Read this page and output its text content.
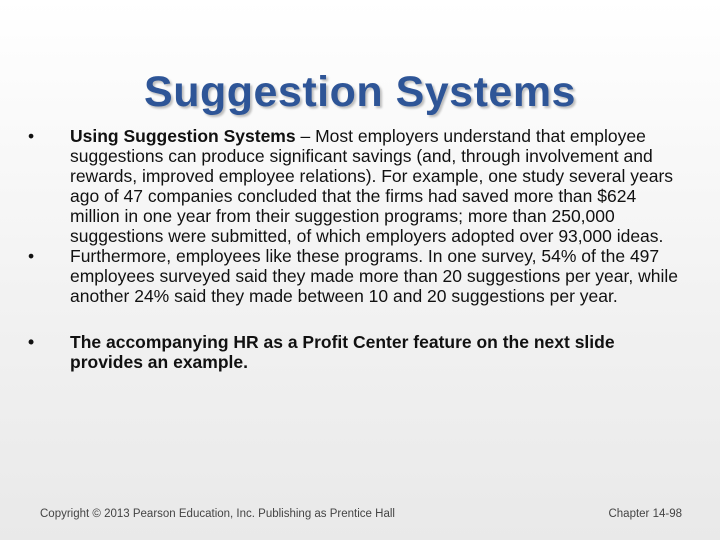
Suggestion Systems

•	Using Suggestion Systems – Most employers understand that employee suggestions can produce significant savings (and, through involvement and rewards, improved employee relations). For example, one study several years ago of 47 companies concluded that the firms had saved more than $624 million in one year from their suggestion programs; more than 250,000 suggestions were submitted, of which employers adopted over 93,000 ideas.

•	Furthermore, employees like these programs. In one survey, 54% of the 497 employees surveyed said they made more than 20 suggestions per year, while another 24% said they made between 10 and 20 suggestions per year.

•	The accompanying HR as a Profit Center feature on the next slide provides an example.

Copyright © 2013 Pearson Education, Inc. Publishing as Prentice Hall	Chapter 14-98
